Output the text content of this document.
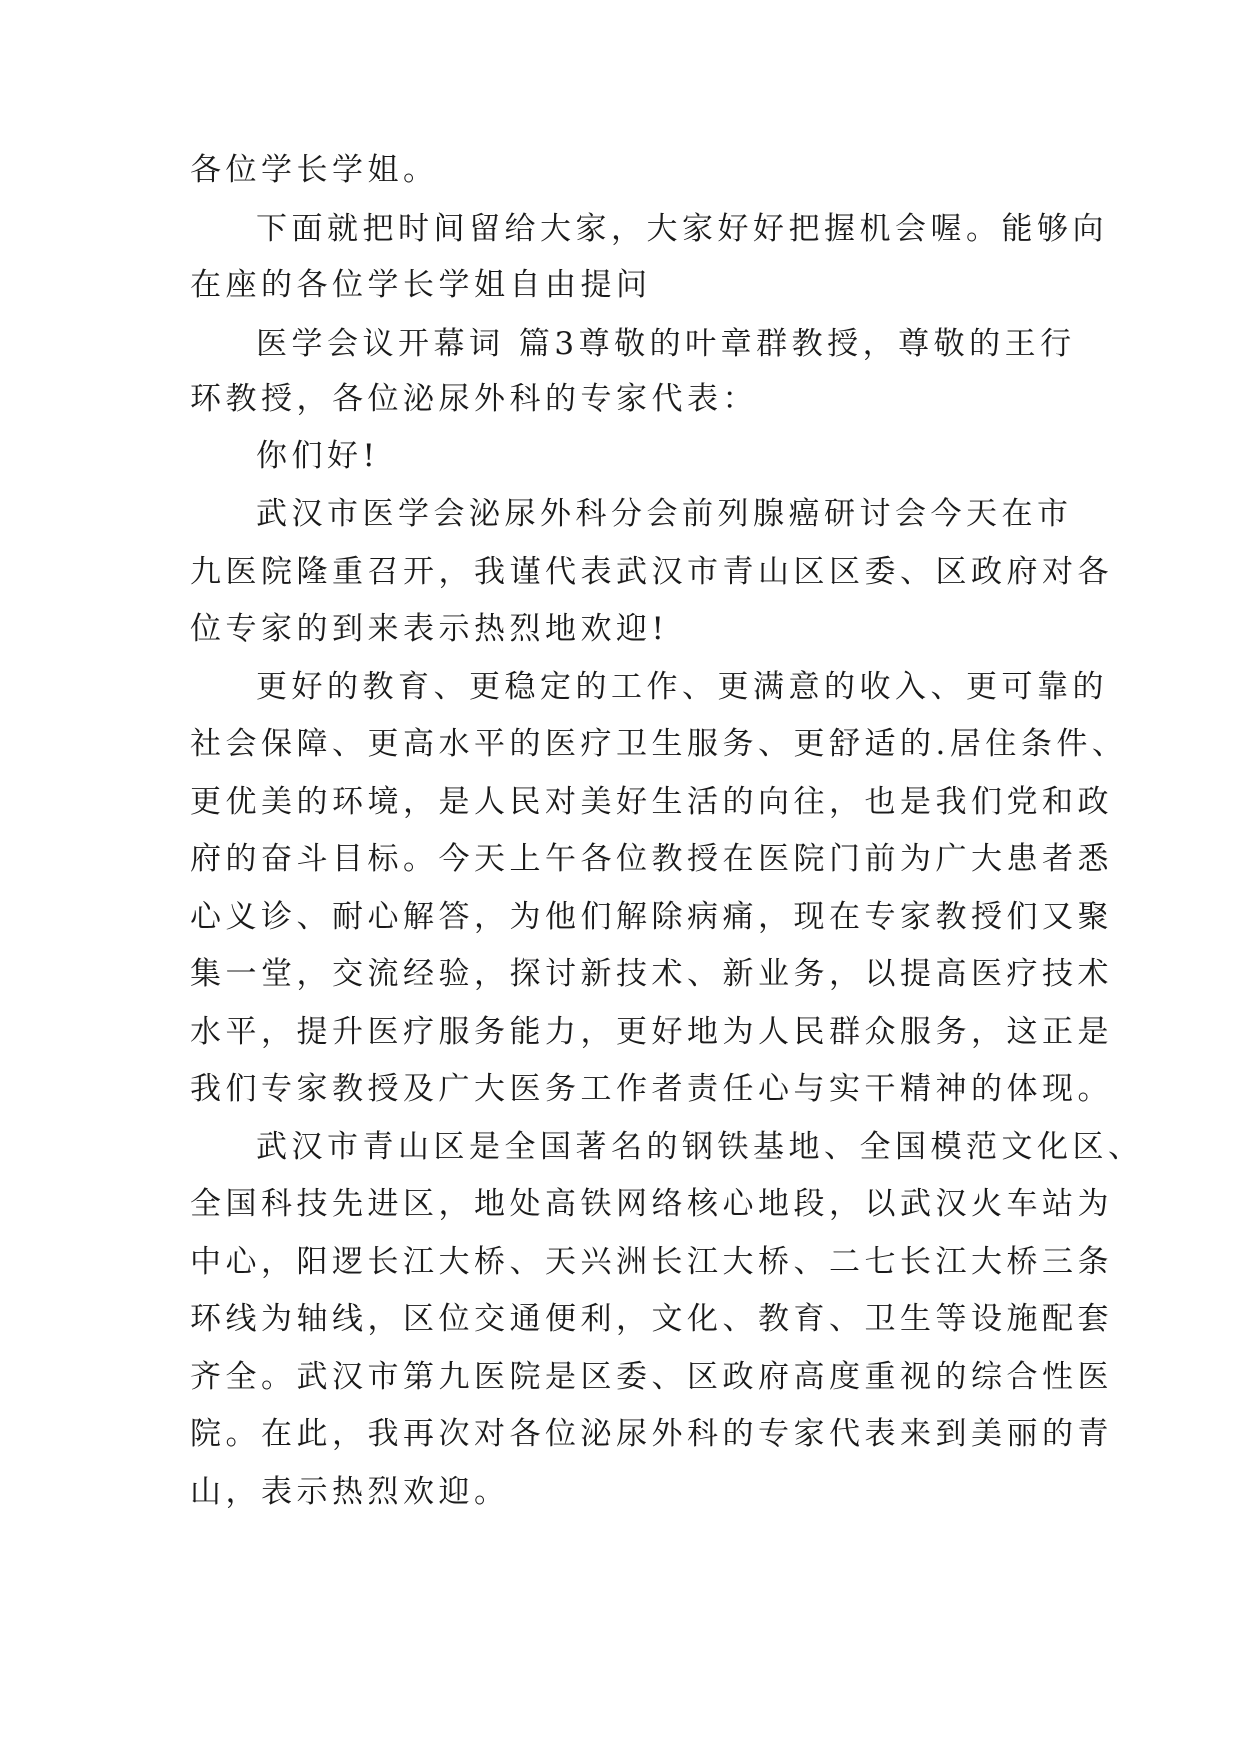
各位学长学姐。
下面就把时间留给大家，大家好好把握机会喔。能够向
在座的各位学长学姐自由提问
医学会议开幕词 篇3尊敬的叶章群教授，尊敬的王行
环教授，各位泌尿外科的专家代表：
你们好!
武汉市医学会泌尿外科分会前列腺癌研讨会今天在市
九医院隆重召开，我谨代表武汉市青山区区委、区政府对各
位专家的到来表示热烈地欢迎!
更好的教育、更稳定的工作、更满意的收入、更可靠的
社会保障、更高水平的医疗卫生服务、更舒适的.居住条件、
更优美的环境，是人民对美好生活的向往，也是我们党和政
府的奋斗目标。今天上午各位教授在医院门前为广大患者悉
心义诊、耐心解答，为他们解除病痛，现在专家教授们又聚
集一堂，交流经验，探讨新技术、新业务，以提高医疗技术
水平，提升医疗服务能力，更好地为人民群众服务，这正是
我们专家教授及广大医务工作者责任心与实干精神的体现。
武汉市青山区是全国著名的钢铁基地、全国模范文化区、
全国科技先进区，地处高铁网络核心地段，以武汉火车站为
中心，阳逻长江大桥、天兴洲长江大桥、二七长江大桥三条
环线为轴线，区位交通便利，文化、教育、卫生等设施配套
齐全。武汉市第九医院是区委、区政府高度重视的综合性医
院。在此，我再次对各位泌尿外科的专家代表来到美丽的青
山，表示热烈欢迎。
